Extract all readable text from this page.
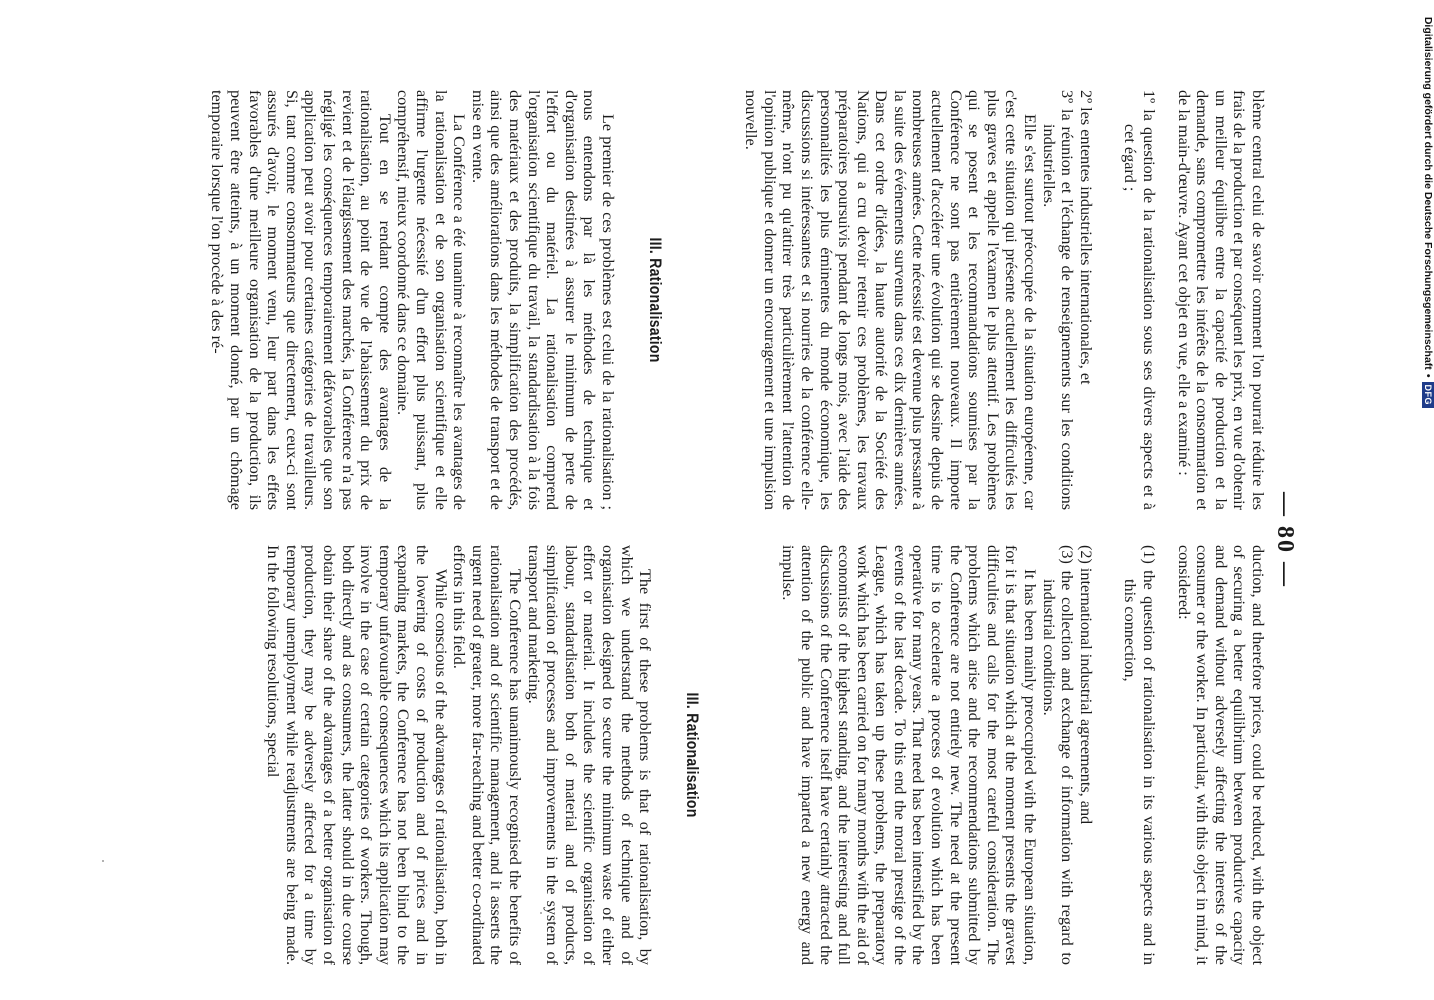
— 80 —

blème central celui de savoir comment l'on pourrait réduire les frais de la production et par conséquent les prix, en vue d'obtenir un meilleur équilibre entre la capacité de production et la demande, sans compromettre les intérêts de la consommation et de la main-d'œuvre. Ayant cet objet en vue, elle a examiné :

1º la question de la rationalisation sous ses divers aspects et à cet égard ;

2º les ententes industrielles internationales, et

3º la réunion et l'échange de renseignements sur les conditions industrielles.

Elle s'est surtout préoccupée de la situation européenne, car c'est cette situation qui présente actuellement les difficultés les plus graves et appelle l'examen le plus attentif. Les problèmes qui se posent et les recommandations soumises par la Conférence ne sont pas entièrement nouveaux. Il importe actuellement d'accélérer une évolution qui se dessine depuis de nombreuses années. Cette nécessité est devenue plus pressante à la suite des événements survenus dans ces dix dernières années. Dans cet ordre d'idées, la haute autorité de la Société des Nations, qui a cru devoir retenir ces problèmes, les travaux préparatoires poursuivis pendant de longs mois, avec l'aide des personnalités les plus éminentes du monde économique, les discussions si intéressantes et si nourries de la conférence elle-même, n'ont pu qu'attirer très particulièrement l'attention de l'opinion publique et donner un encouragement et une impulsion nouvelle.

III. Rationalisation

Le premier de ces problèmes est celui de la rationalisation ; nous entendons par là les méthodes de technique et d'organisation destinées à assurer le minimum de perte de l'effort ou du matériel. La rationalisation comprend l'organisation scientifique du travail, la standardisation à la fois des matériaux et des produits, la simplification des procédés, ainsi que des améliorations dans les méthodes de transport et de mise en vente.

La Conférence a été unanime à reconnaître les avantages de la rationalisation et de son organisation scientifique et elle affirme l'urgente nécessité d'un effort plus puissant, plus compréhensif, mieux coordonné dans ce domaine.

Tout en se rendant compte des avantages de la rationalisation, au point de vue de l'abaissement du prix de revient et de l'élargissement des marchés, la Conférence n'a pas négligé les conséquences temporairement défavorables que son application peut avoir pour certaines catégories de travailleurs. Si, tant comme consommateurs que directement, ceux-ci sont assurés d'avoir, le moment venu, leur part dans les effets favorables d'une meilleure organisation de la production, ils peuvent être atteints, à un moment donné, par un chômage temporaire lorsque l'on procède à des ré-

duction, and therefore prices, could be reduced, with the object of securing a better equilibrium between productive capacity and demand without adversely affecting the interests of the consumer or the worker. In particular, with this object in mind, it considered:

(1) the question of rationalisation in its various aspects and in this connection,

(2) international industrial agreements, and

(3) the collection and exchange of information with regard to industrial conditions.

It has been mainly preoccupied with the European situation, for it is that situation which at the moment presents the gravest difficulties and calls for the most careful consideration. The problems which arise and the recommendations submitted by the Conference are not entirely new. The need at the present time is to accelerate a process of evolution which has been operative for many years. That need has been intensified by the events of the last decade. To this end the moral prestige of the League, which has taken up these problems, the preparatory work which has been carried on for many months with the aid of economists of the highest standing, and the interesting and full discussions of the Conference itself have certainly attracted the attention of the public and have imparted a new energy and impulse.

III. Rationalisation

The first of these problems is that of rationalisation, by which we understand the methods of technique and of organisation designed to secure the minimum waste of either effort or material. It includes the scientific organisation of labour, standardisation both of material and of products, simplification of processes and improvements in the system of transport and marketing.

The Conference has unanimously recognised the benefits of rationalisation and of scientific management, and it asserts the urgent need of greater, more far-reaching and better co-ordinated efforts in this field.

While conscious of the advantages of rationalisation, both in the lowering of costs of production and of prices and in expanding markets, the Conference has not been blind to the temporary unfavourable consequences which its application may involve in the case of certain categories of workers. Though, both directly and as consumers, the latter should in due course obtain their share of the advantages of a better organisation of production, they may be adversely affected for a time by temporary unemployment while readjustments are being made. In the following resolutions, special

Digitalisierung gefördert durch die Deutsche Forschungsgemeinschaft
•
DFG
